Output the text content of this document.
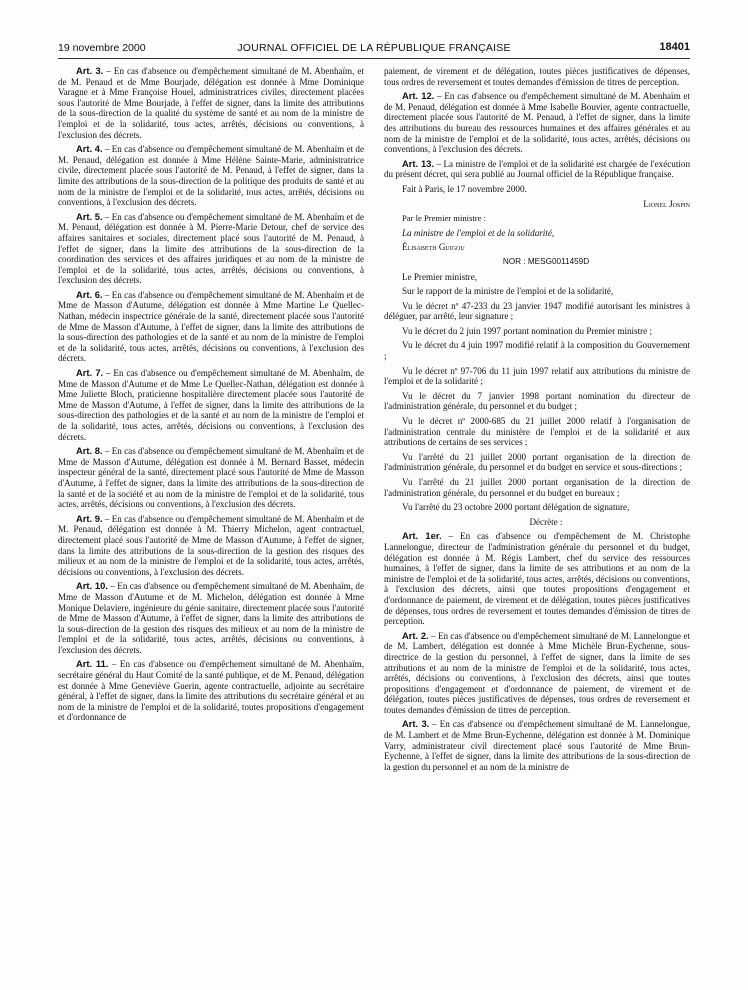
19 novembre 2000	JOURNAL OFFICIEL DE LA RÉPUBLIQUE FRANÇAISE	18401

Art. 3. – En cas d'absence ou d'empêchement simultané de M. Abenhaïm, et de M. Penaud et de Mme Bourjade, délégation est donnée à Mme Dominique Varagne et à Mme Françoise Houel, administratrices civiles, directement placées sous l'autorité de Mme Bourjade, à l'effet de signer, dans la limite des attributions de la sous-direction de la qualité du système de santé et au nom de la ministre de l'emploi et de la solidarité, tous actes, arrêtés, décisions ou conventions, à l'exclusion des décrets.

Art. 4. – En cas d'absence ou d'empêchement simultané de M. Abenhaïm et de M. Penaud, délégation est donnée à Mme Hélène Sainte-Marie, administratrice civile, directement placée sous l'autorité de M. Penaud, à l'effet de signer, dans la limite des attributions de la sous-direction de la politique des produits de santé et au nom de la ministre de l'emploi et de la solidarité, tous actes, arrêtés, décisions ou conventions, à l'exclusion des décrets.

Art. 5. – En cas d'absence ou d'empêchement simultané de M. Abenhaïm et de M. Penaud, délégation est donnée à M. Pierre-Marie Detour, chef de service des affaires sanitaires et sociales, directement placé sous l'autorité de M. Penaud, à l'effet de signer, dans la limite des attributions de la sous-direction de la coordination des services et des affaires juridiques et au nom de la ministre de l'emploi et de la solidarité, tous actes, arrêtés, décisions ou conventions, à l'exclusion des décrets.

Art. 6. – En cas d'absence ou d'empêchement simultané de M. Abenhaïm et de Mme de Masson d'Autume, délégation est donnée à Mme Martine Le Quellec-Nathan, médecin inspectrice générale de la santé, directement placée sous l'autorité de Mme de Masson d'Autume, à l'effet de signer, dans la limite des attributions de la sous-direction des pathologies et de la santé et au nom de la ministre de l'emploi et de la solidarité, tous actes, arrêtés, décisions ou conventions, à l'exclusion des décrets.

Art. 7. – En cas d'absence ou d'empêchement simultané de M. Abenhaïm, de Mme de Masson d'Autume et de Mme Le Quellec-Nathan, délégation est donnée à Mme Juliette Bloch, praticienne hospitalière directement placée sous l'autorité de Mme de Masson d'Autume, à l'effet de signer, dans la limite des attributions de la sous-direction des pathologies et de la santé et au nom de la ministre de l'emploi et de la solidarité, tous actes, arrêtés, décisions ou conventions, à l'exclusion des décrets.

Art. 8. – En cas d'absence ou d'empêchement simultané de M. Abenhaïm et de Mme de Masson d'Autume, délégation est donnée à M. Bernard Basset, médecin inspecteur général de la santé, directement placé sous l'autorité de Mme de Masson d'Autume, à l'effet de signer, dans la limite des attributions de la sous-direction de la santé et de la société et au nom de la ministre de l'emploi et de la solidarité, tous actes, arrêtés, décisions ou conventions, à l'exclusion des décrets.

Art. 9. – En cas d'absence ou d'empêchement simultané de M. Abenhaïm et de M. Penaud, délégation est donnée à M. Thierry Michelon, agent contractuel, directement placé sous l'autorité de Mme de Masson d'Autume, à l'effet de signer, dans la limite des attributions de la sous-direction de la gestion des risques des milieux et au nom de la ministre de l'emploi et de la solidarité, tous actes, arrêtés, décisions ou conventions, à l'exclusion des décrets.

Art. 10. – En cas d'absence ou d'empêchement simultané de M. Abenhaïm, de Mme de Masson d'Autume et de M. Michelon, délégation est donnée à Mme Monique Delaviere, ingénieure du génie sanitaire, directement placée sous l'autorité de Mme de Masson d'Autume, à l'effet de signer, dans la limite des attributions de la sous-direction de la gestion des risques des milieux et au nom de la ministre de l'emploi et de la solidarité, tous actes, arrêtés, décisions ou conventions, à l'exclusion des décrets.

Art. 11. – En cas d'absence ou d'empêchement simultané de M. Abenhaïm, secrétaire général du Haut Comité de la santé publique, et de M. Penaud, délégation est donnée à Mme Geneviève Guerin, agente contractuelle, adjointe au secrétaire général, à l'effet de signer, dans la limite des attributions du secrétaire général et au nom de la ministre de l'emploi et de la solidarité, toutes propositions d'engagement et d'ordonnance de

paiement, de virement et de délégation, toutes pièces justificatives de dépenses, tous ordres de reversement et toutes demandes d'émission de titres de perception.

Art. 12. – En cas d'absence ou d'empêchement simultané de M. Abenhaïm et de M. Penaud, délégation est donnée à Mme Isabelle Bouvier, agente contractuelle, directement placée sous l'autorité de M. Penaud, à l'effet de signer, dans la limite des attributions du bureau des ressources humaines et des affaires générales et au nom de la ministre de l'emploi et de la solidarité, tous actes, arrêtés, décisions ou conventions, à l'exclusion des décrets.

Art. 13. – La ministre de l'emploi et de la solidarité est chargée de l'exécution du présent décret, qui sera publié au Journal officiel de la République française.

Fait à Paris, le 17 novembre 2000.

Lionel Jospin

Par le Premier ministre :

La ministre de l'emploi et de la solidarité,

Élisabeth Guigou

NOR : MESG0011459D

Le Premier ministre,

Sur le rapport de la ministre de l'emploi et de la solidarité,

Vu le décret nº 47-233 du 23 janvier 1947 modifié autorisant les ministres à déléguer, par arrêté, leur signature ;

Vu le décret du 2 juin 1997 portant nomination du Premier ministre ;

Vu le décret du 4 juin 1997 modifié relatif à la composition du Gouvernement ;

Vu le décret nº 97-706 du 11 juin 1997 relatif aux attributions du ministre de l'emploi et de la solidarité ;

Vu le décret du 7 janvier 1998 portant nomination du directeur de l'administration générale, du personnel et du budget ;

Vu le décret nº 2000-685 du 21 juillet 2000 relatif à l'organisation de l'administration centrale du ministère de l'emploi et de la solidarité et aux attributions de certains de ses services ;

Vu l'arrêté du 21 juillet 2000 portant organisation de la direction de l'administration générale, du personnel et du budget en service et sous-directions ;

Vu l'arrêté du 21 juillet 2000 portant organisation de la direction de l'administration générale, du personnel et du budget en bureaux ;

Vu l'arrêté du 23 octobre 2000 portant délégation de signature,

Décrète :

Art. 1er. – En cas d'absence ou d'empêchement de M. Christophe Lannelongue, directeur de l'administration générale du personnel et du budget, délégation est donnée à M. Régis Lambert, chef du service des ressources humaines, à l'effet de signer, dans la limite de ses attributions et au nom de la ministre de l'emploi et de la solidarité, tous actes, arrêtés, décisions ou conventions, à l'exclusion des décrets, ainsi que toutes propositions d'engagement et d'ordonnance de paiement, de virement et de délégation, toutes pièces justificatives de dépenses, tous ordres de reversement et toutes demandes d'émission de titres de perception.

Art. 2. – En cas d'absence ou d'empêchement simultané de M. Lannelongue et de M. Lambert, délégation est donnée à Mme Michèle Brun-Eychenne, sous-directrice de la gestion du personnel, à l'effet de signer, dans la limite de ses attributions et au nom de la ministre de l'emploi et de la solidarité, tous actes, arrêtés, décisions ou conventions, à l'exclusion des décrets, ainsi que toutes propositions d'engagement et d'ordonnance de paiement, de virement et de délégation, toutes pièces justificatives de dépenses, tous ordres de reversement et toutes demandes d'émission de titres de perception.

Art. 3. – En cas d'absence ou d'empêchement simultané de M. Lannelongue, de M. Lambert et de Mme Brun-Eychenne, délégation est donnée à M. Dominique Varry, administrateur civil directement placé sous l'autorité de Mme Brun-Eychenne, à l'effet de signer, dans la limite des attributions de la sous-direction de la gestion du personnel et au nom de la ministre de
